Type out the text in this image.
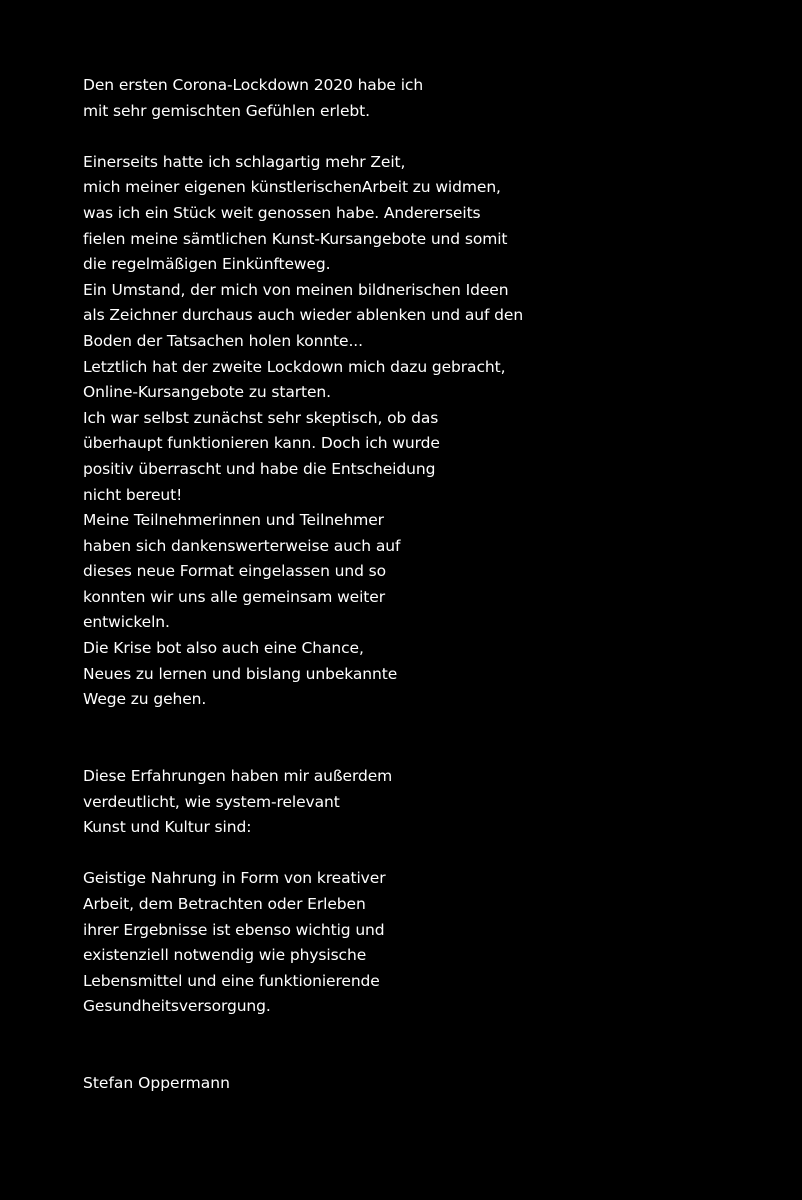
Den ersten Corona-Lockdown 2020 habe ich
mit sehr gemischten Gefühlen erlebt.
Einerseits hatte ich schlagartig mehr Zeit,
mich meiner eigenen künstlerischenArbeit zu widmen,
was ich ein Stück weit genossen habe. Andererseits
fielen meine sämtlichen Kunst-Kursangebote und somit
die regelmäßigen Einkünfteweg.
Ein Umstand, der mich von meinen bildnerischen Ideen
als Zeichner durchaus auch wieder ablenken und auf den
Boden der Tatsachen holen konnte...
Letztlich hat der zweite Lockdown mich dazu gebracht,
Online-Kursangebote zu starten.
Ich war selbst zunächst sehr skeptisch, ob das
überhaupt funktionieren kann. Doch ich wurde
positiv überrascht und habe die Entscheidung
nicht bereut!
Meine Teilnehmerinnen und Teilnehmer
haben sich dankenswerterweise auch auf
dieses neue Format eingelassen und so
konnten wir uns alle gemeinsam weiter
entwickeln.
Die Krise bot also auch eine Chance,
Neues zu lernen und bislang unbekannte
Wege zu gehen.
Diese Erfahrungen haben mir außerdem
verdeutlicht, wie system-relevant
Kunst und Kultur sind:
Geistige Nahrung in Form von kreativer
Arbeit, dem Betrachten oder Erleben
ihrer Ergebnisse ist ebenso wichtig und
existenziell notwendig wie physische
Lebensmittel und eine funktionierende
Gesundheitsversorgung.
Stefan Oppermann
